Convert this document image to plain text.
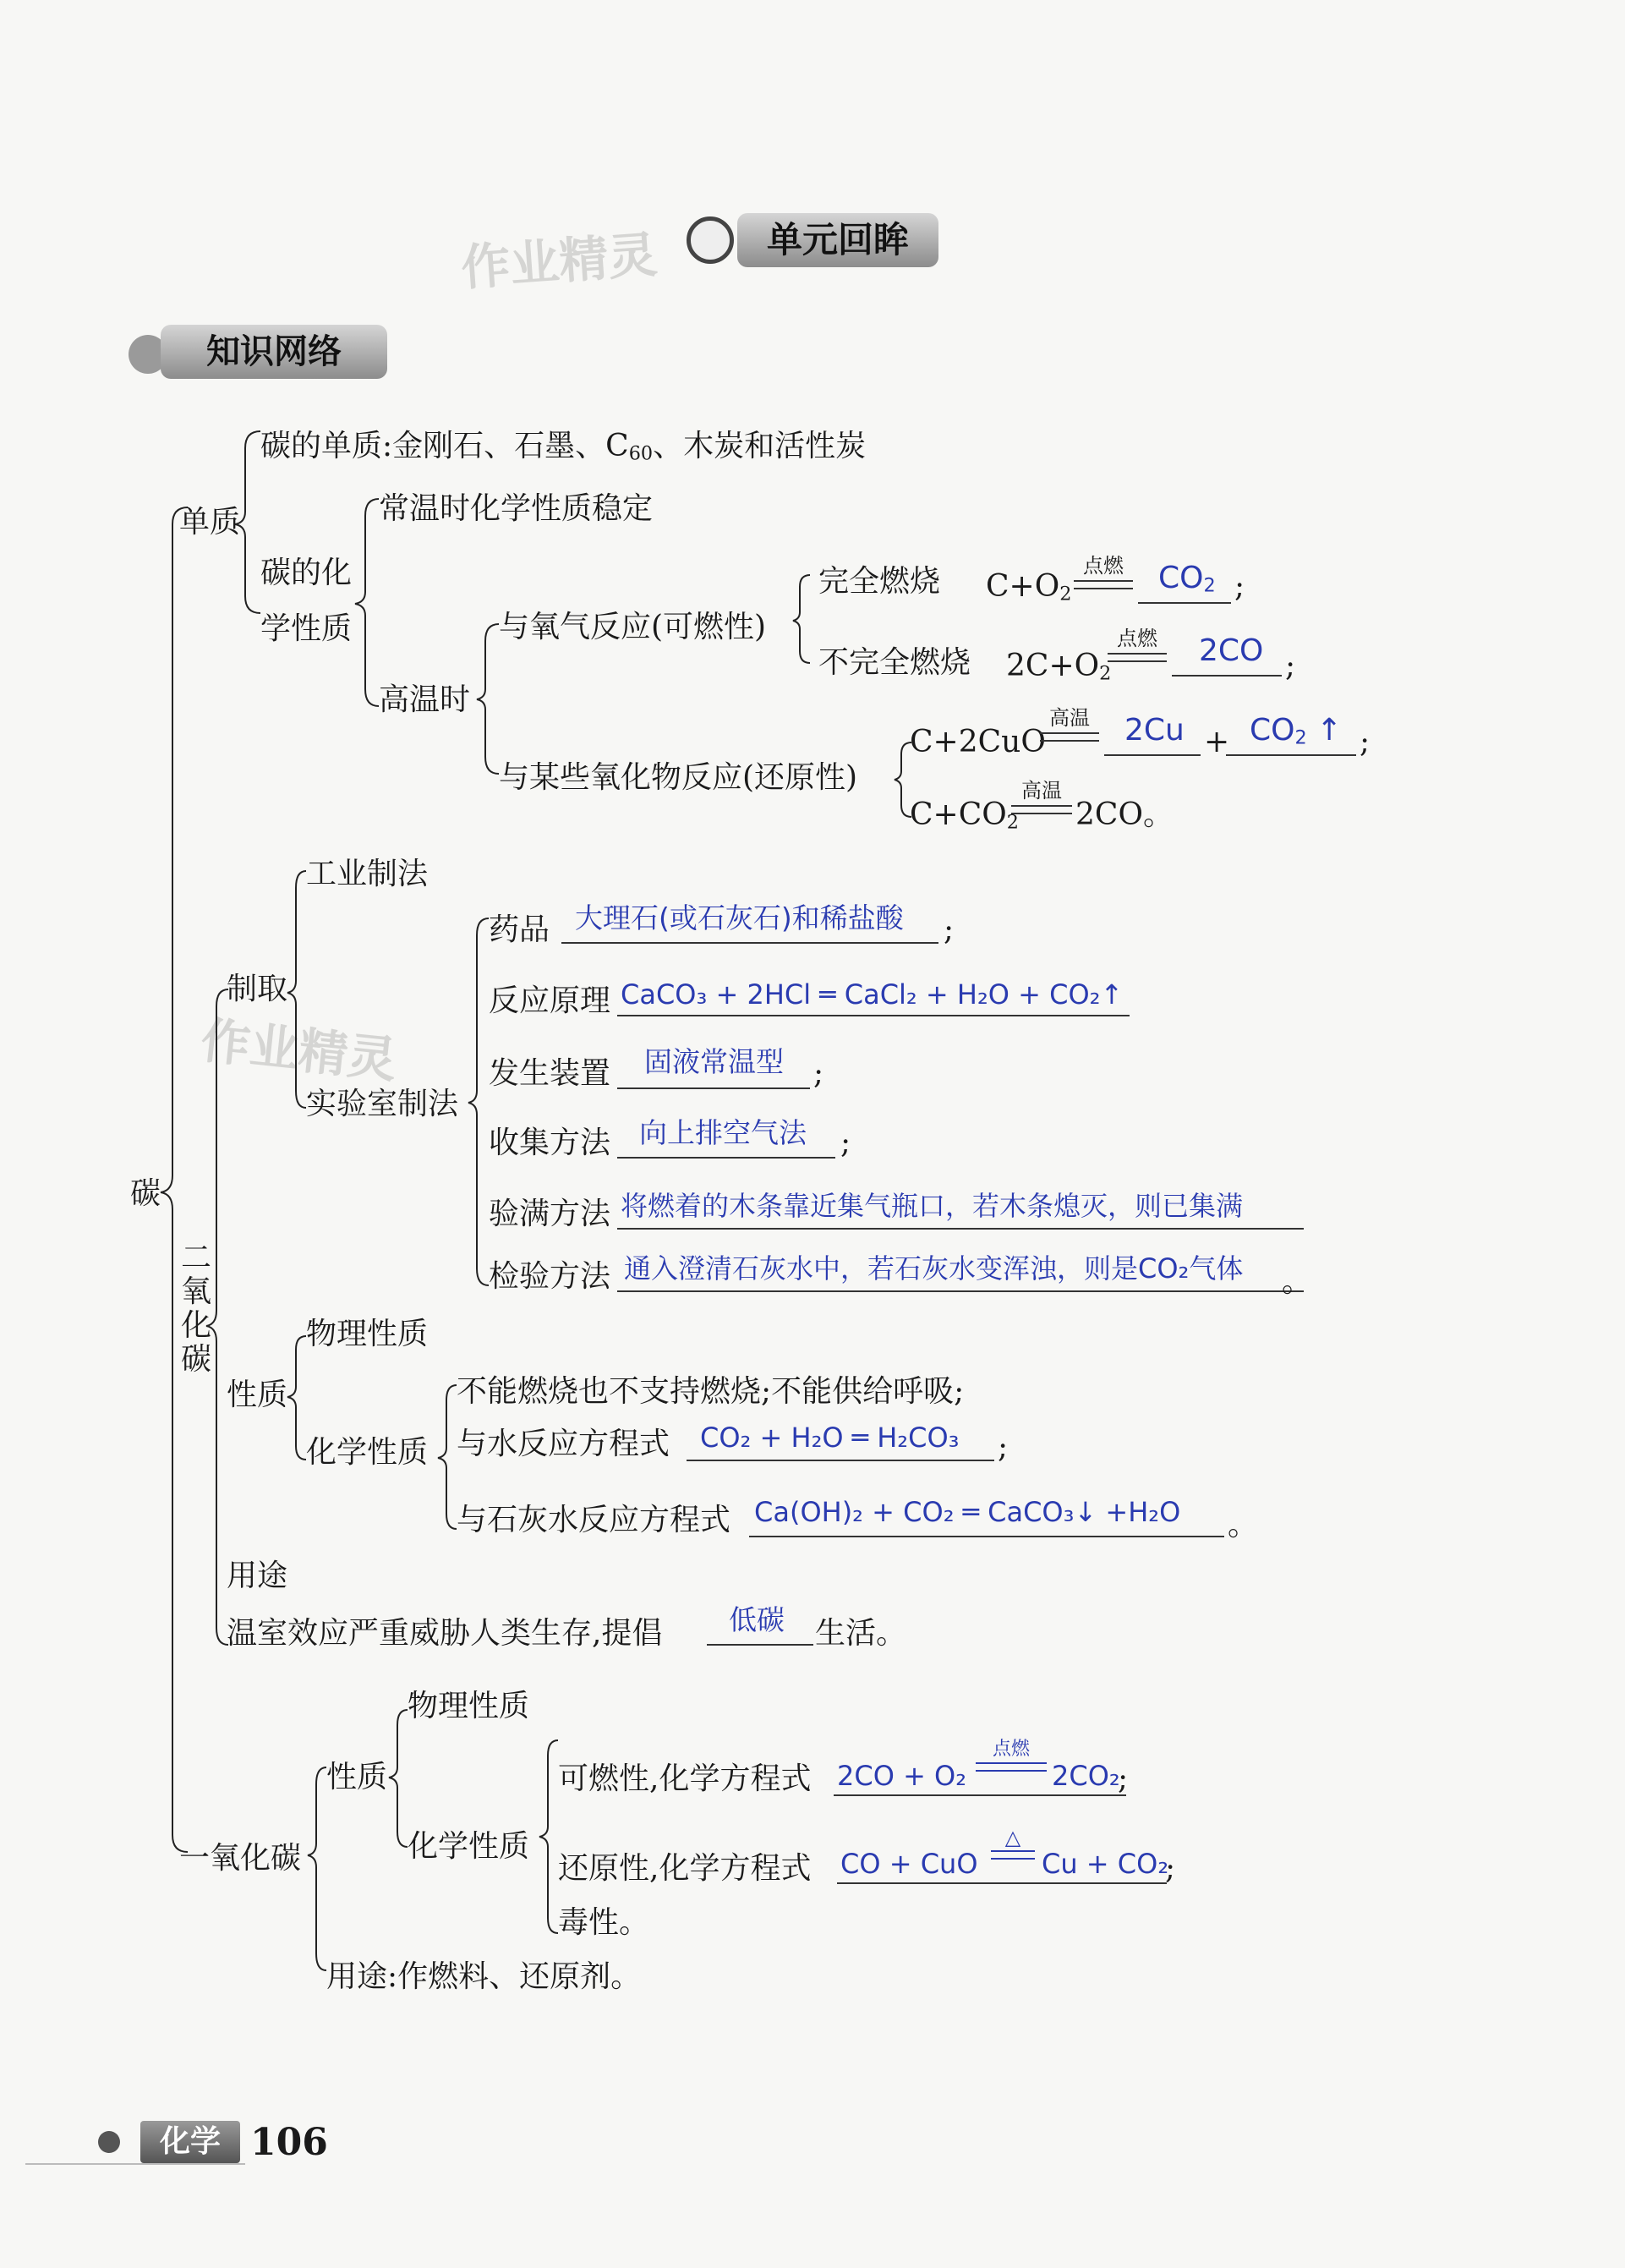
作业精灵
作业精灵
单元回眸
知识网络
碳
单质
碳的单质:金刚石、石墨、$C_{60}$、木炭和活性炭
碳的化
学性质
常温时化学性质稳定
高温时
与氧气反应(可燃性)
完全燃烧 $C+O_2$
点燃	$CO_2$ ;
不完全燃烧 $2C+O_2$
点燃	2CO ;
与某些氧化物反应(还原性)
C+2CuO
高温	$2Cu + CO_2$ ↑ ;
$C+CO_2$
高温
2CO。
二氧化碳
制取
工业制法
实验室制法
药品 大理石(或石灰石)和稀盐酸 ;
反应原理 CaCO₃ + 2HCl ═ CaCl₂ + H₂O + CO₂↑
发生装置 固液常温型 ;
收集方法 向上排空气法 ;
验满方法 将燃着的木条靠近集气瓶口，若木条熄灭，则已集满
检验方法 通入澄清石灰水中，若石灰水变浑浊，则是CO₂气体 。
性质
物理性质
化学性质
不能燃烧也不支持燃烧;不能供给呼吸;
与水反应方程式 CO₂ + H₂O ═ H₂CO₃ ;
与石灰水反应方程式 Ca(OH)₂ + CO₂ ═ CaCO₃↓ +H₂O 。
用途
温室效应严重威胁人类生存,提倡 低碳 生活。
一氧化碳
性质
物理性质
化学性质
可燃性,化学方程式 2CO + O₂
点燃
2CO₂
;
还原性,化学方程式 CO + CuO
△
Cu + CO₂
;
毒性。
用途:作燃料、还原剂。
化学 106
